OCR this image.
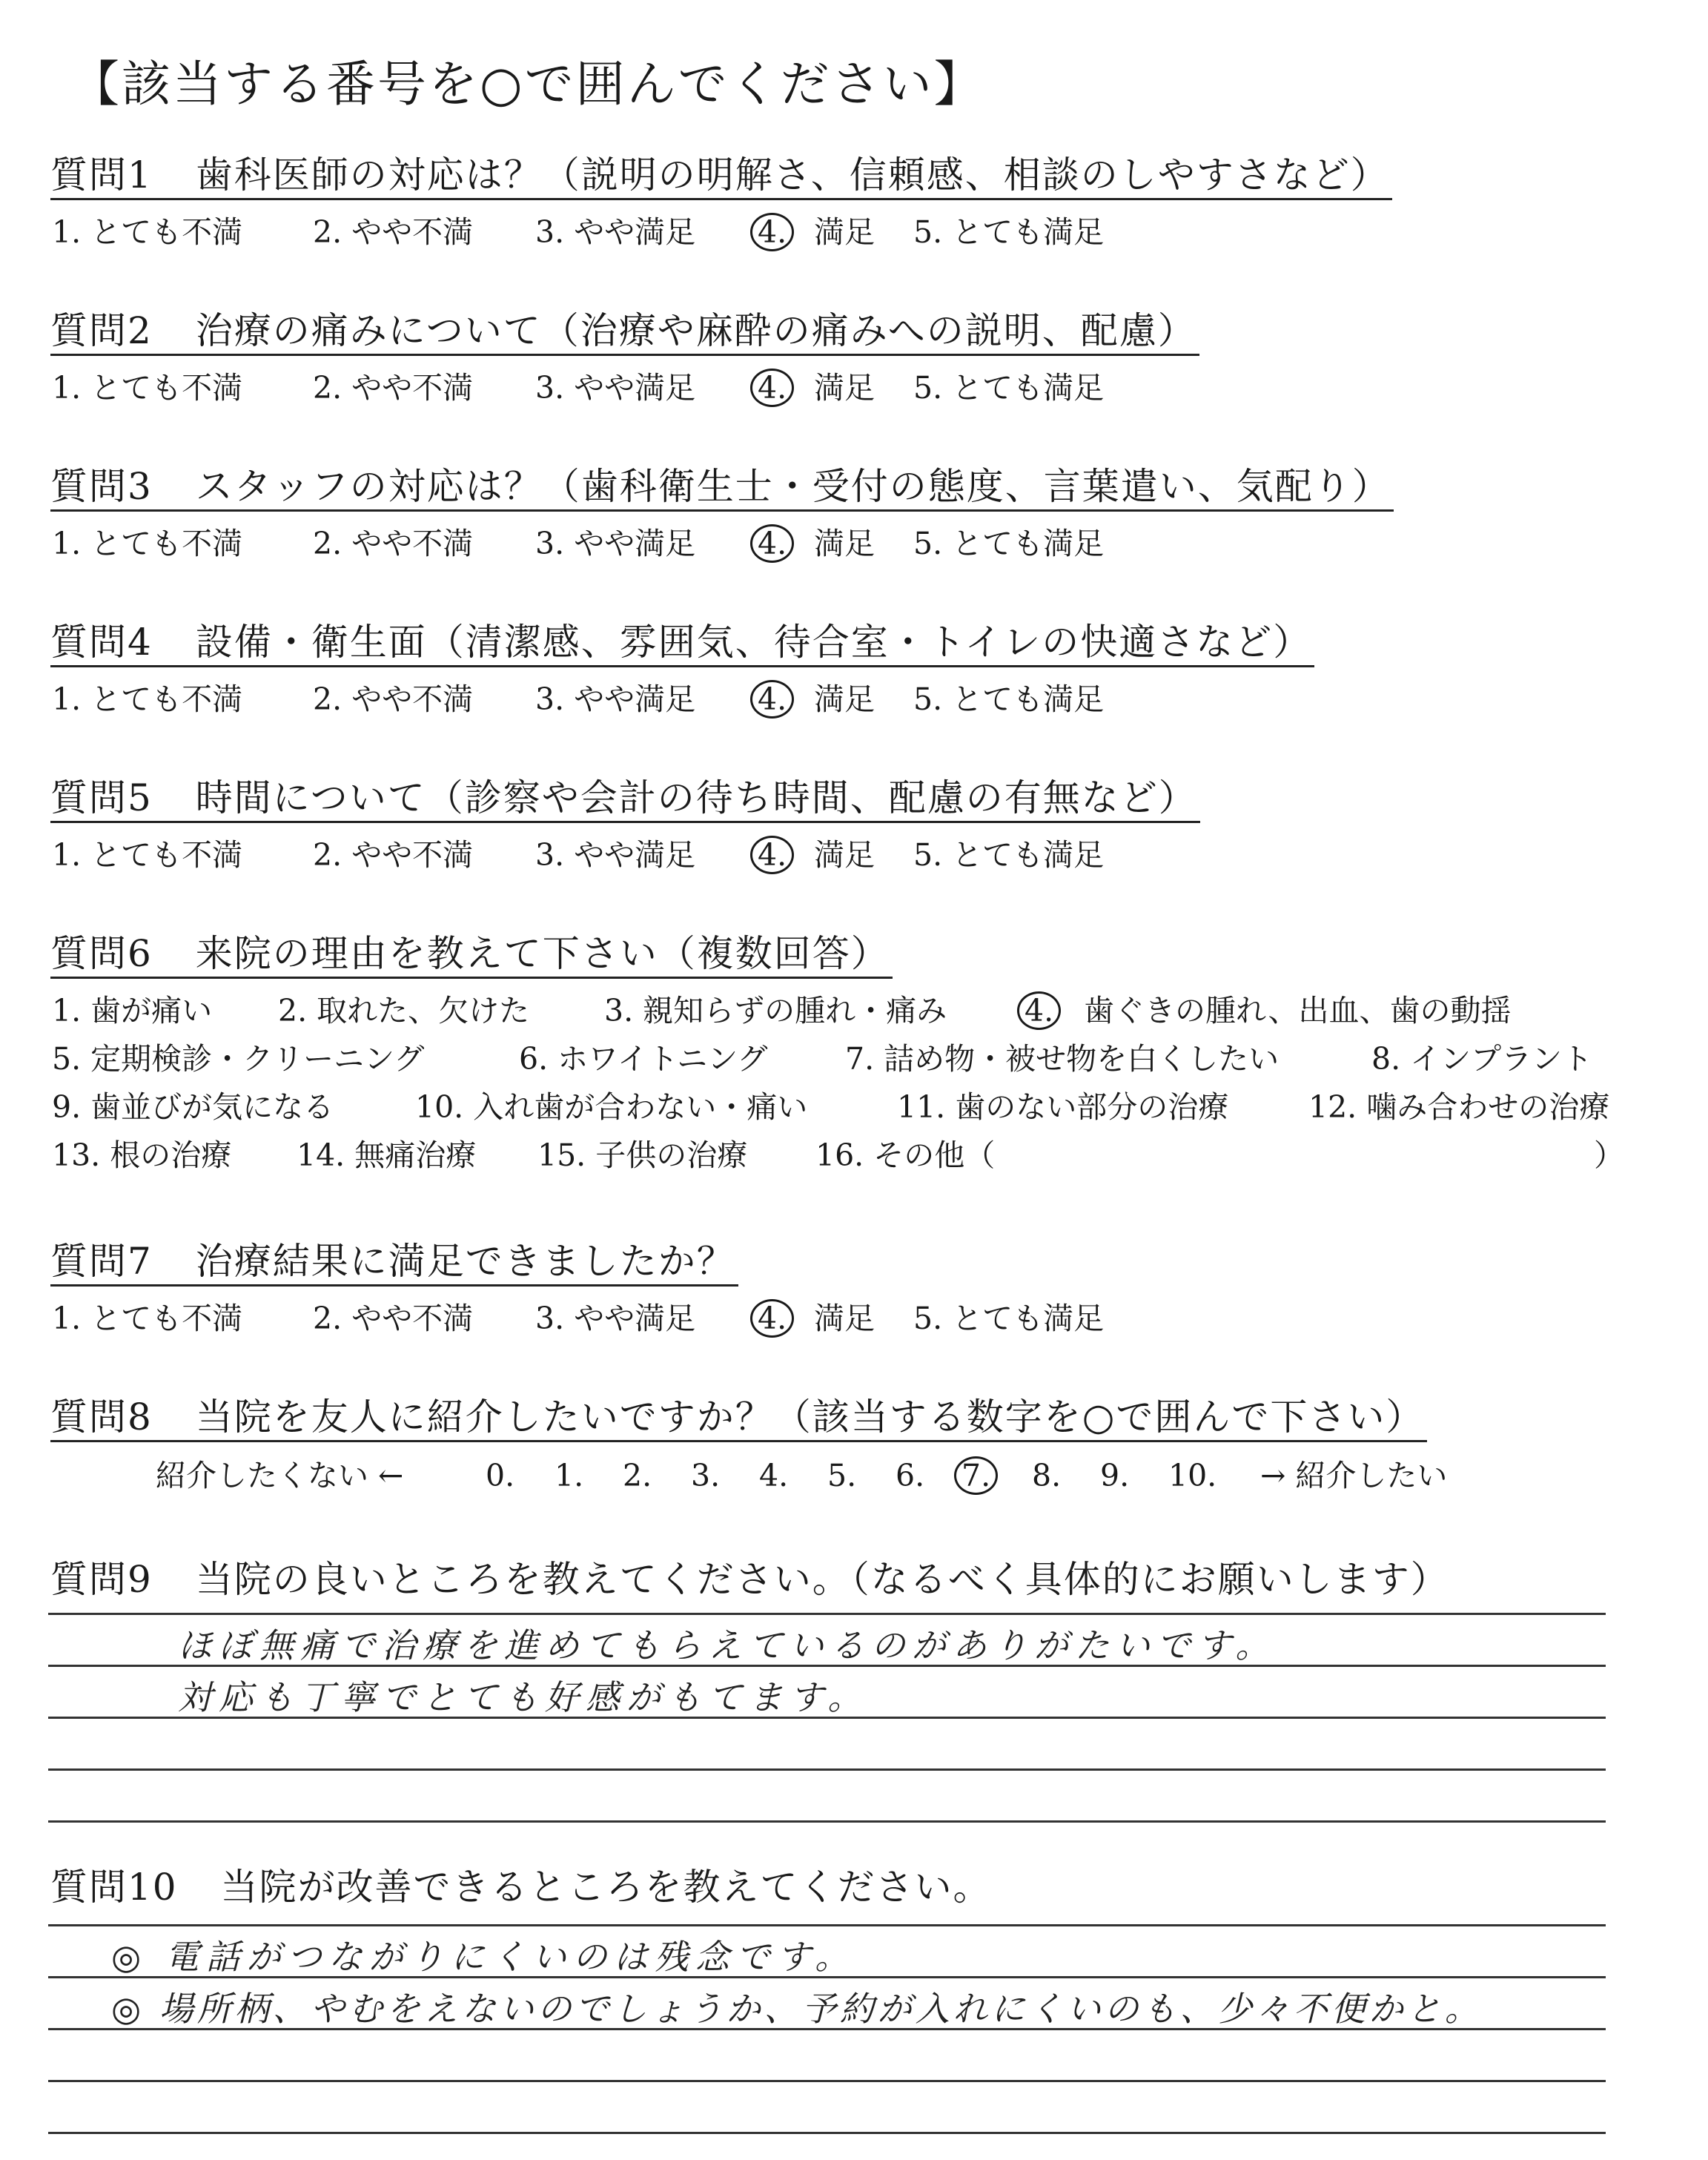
【該当する番号を○で囲んでください】
質問1 歯科医師の対応は？（説明の明解さ、信頼感、相談のしやすさなど）
1. とても不満 2. やや不満 3. やや満足 4. 満足 5. とても満足
質問2 治療の痛みについて（治療や麻酔の痛みへの説明、配慮）
1. とても不満 2. やや不満 3. やや満足 4. 満足 5. とても満足
質問3 スタッフの対応は？（歯科衛生士・受付の態度、言葉遣い、気配り）
1. とても不満 2. やや不満 3. やや満足 4. 満足 5. とても満足
質問4 設備・衛生面（清潔感、雰囲気、待合室・トイレの快適さなど）
1. とても不満 2. やや不満 3. やや満足 4. 満足 5. とても満足
質問5 時間について（診察や会計の待ち時間、配慮の有無など）
1. とても不満 2. やや不満 3. やや満足 4. 満足 5. とても満足
質問6 来院の理由を教えて下さい（複数回答）
1. 歯が痛い 2. 取れた、欠けた 3. 親知らずの腫れ・痛み	4. 歯ぐきの腫れ、出血、歯の動揺
5. 定期検診・クリーニング	6. ホワイトニング	7. 詰め物・被せ物を白くしたい	8. インプラント
9. 歯並びが気になる	10. 入れ歯が合わない・痛い	11. 歯のない部分の治療	12. 噛み合わせの治療
13. 根の治療 14. 無痛治療 15. 子供の治療 16. その他（	）
質問7 治療結果に満足できましたか？
1. とても不満 2. やや不満 3. やや満足 4. 満足 5. とても満足
質問8 当院を友人に紹介したいですか？（該当する数字を○で囲んで下さい）
紹介したくない ←	0. 1. 2. 3. 4. 5. 6. 7. 8. 9. 10. → 紹介したい
質問9 当院の良いところを教えてください。（なるべく具体的にお願いします）
ほぼ無痛で治療を進めてもらえているのがありがたいです。
対応も丁寧でとても好感がもてます。
質問10 当院が改善できるところを教えてください。
◎ 電話がつながりにくいのは残念です。
◎ 場所柄、やむをえないのでしょうか、予約が入れにくいのも、少々不便かと。
